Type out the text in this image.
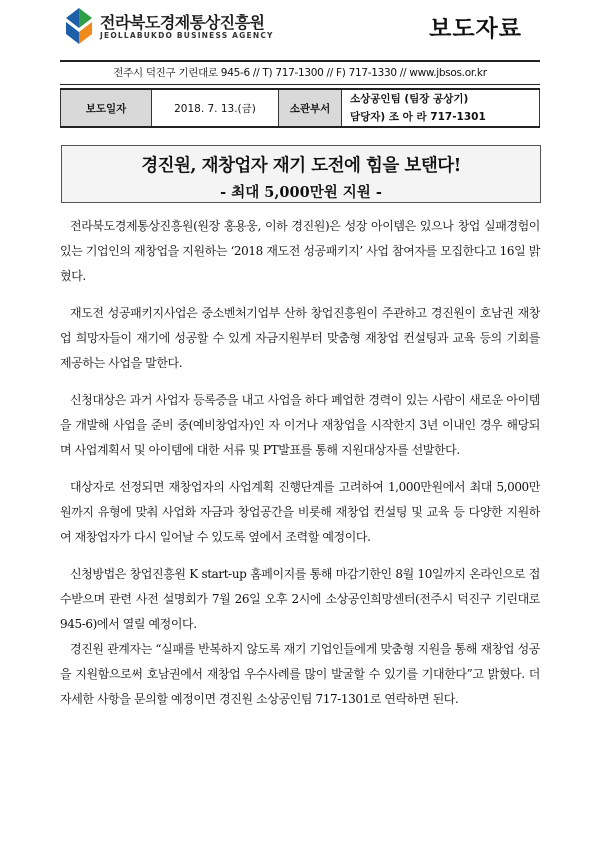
전라북도경제통상진흥원
JEOLLABUKDO BUSINESS AGENCY	보도자료
전주시 덕진구 기린대로 945-6 // T) 717-1300 // F) 717-1330 // www.jbsos.or.kr
보도일자	2018. 7. 13.(금)	소관부서	
소상공인팀 (팀장 공상기)
담당자) 조 아 라 717-1301
경진원, 재창업자 재기 도전에 힘을 보탠다!
- 최대 5,000만원 지원 -

전라북도경제통상진흥원(원장 홍용웅, 이하 경진원)은 성장 아이템은 있으나 창업 실패경험이 있는 기업인의 재창업을 지원하는 ‘2018 재도전 성공패키지’ 사업 참여자를 모집한다고 16일 밝혔다.

재도전 성공패키지사업은 중소벤처기업부 산하 창업진흥원이 주관하고 경진원이 호남권 재창업 희망자들이 재기에 성공할 수 있게 자금지원부터 맞춤형 재창업 컨설팅과 교육 등의 기회를 제공하는 사업을 말한다.

신청대상은 과거 사업자 등록증을 내고 사업을 하다 폐업한 경력이 있는 사람이 새로운 아이템을 개발해 사업을 준비 중(예비창업자)인 자 이거나 재창업을 시작한지 3년 이내인 경우 해당되며 사업계획서 및 아이템에 대한 서류 및 PT발표를 통해 지원대상자를 선발한다.

대상자로 선정되면 재창업자의 사업계획 진행단계를 고려하여 1,000만원에서 최대 5,000만원까지 유형에 맞춰 사업화 자금과 창업공간을 비롯해 재창업 컨설팅 및 교육 등 다양한 지원하여 재창업자가 다시 일어날 수 있도록 옆에서 조력할 예정이다.

신청방법은 창업진흥원 K start-up 홈페이지를 통해 마감기한인 8월 10일까지 온라인으로 접수받으며 관련 사전 설명회가 7월 26일 오후 2시에 소상공인희망센터(전주시 덕진구 기린대로 945-6)에서 열릴 예정이다.

경진원 관계자는 “실패를 반복하지 않도록 재기 기업인들에게 맞춤형 지원을 통해 재창업 성공을 지원함으로써 호남권에서 재창업 우수사례를 많이 발굴할 수 있기를 기대한다”고 밝혔다. 더 자세한 사항을 문의할 예정이면 경진원 소상공인팀 717-1301로 연락하면 된다.
